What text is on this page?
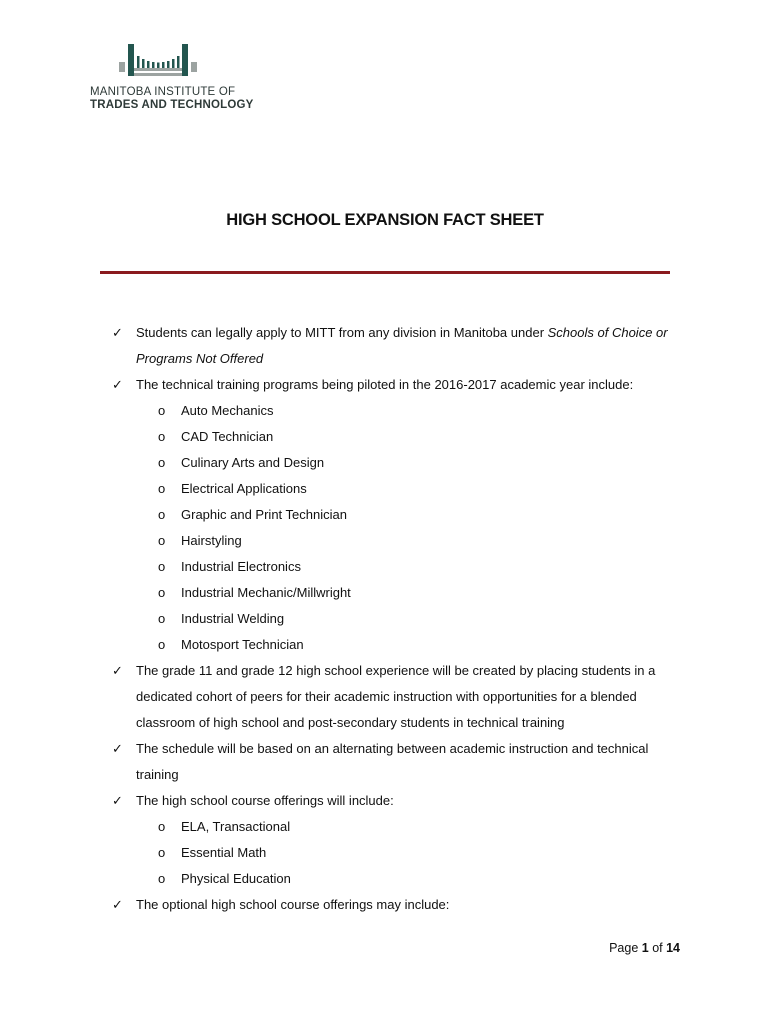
MANITOBA INSTITUTE OF
TRADES AND TECHNOLOGY
HIGH SCHOOL EXPANSION FACT SHEET
✓ Students can legally apply to MITT from any division in Manitoba under Schools of Choice or
Programs Not Offered
✓ The technical training programs being piloted in the 2016-2017 academic year include:
o Auto Mechanics
o CAD Technician
o Culinary Arts and Design
o Electrical Applications
o Graphic and Print Technician
o Hairstyling
o Industrial Electronics
o Industrial Mechanic/Millwright
o Industrial Welding
o Motosport Technician
✓ The grade 11 and grade 12 high school experience will be created by placing students in a
dedicated cohort of peers for their academic instruction with opportunities for a blended
classroom of high school and post-secondary students in technical training
✓ The schedule will be based on an alternating between academic instruction and technical
training
✓ The high school course offerings will include:
o ELA, Transactional
o Essential Math
o Physical Education
✓ The optional high school course offerings may include:
Page 1 of 14
